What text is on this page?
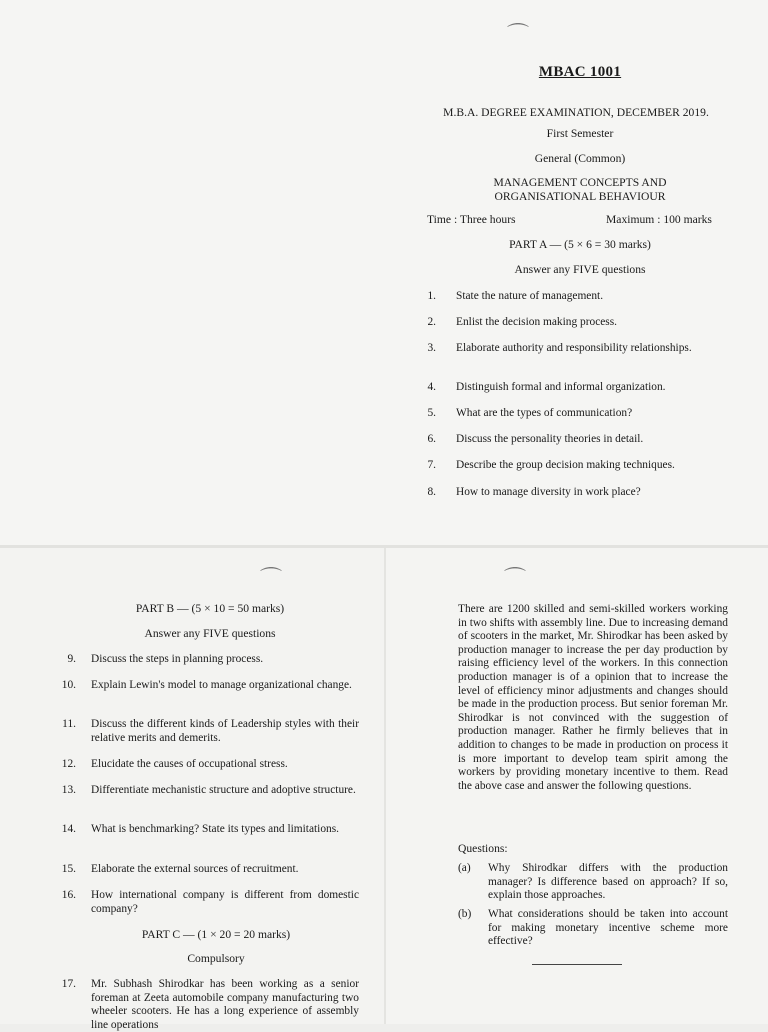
⌒
MBAC 1001
M.B.A. DEGREE EXAMINATION, DECEMBER 2019.
First Semester
General (Common)
MANAGEMENT CONCEPTS AND
ORGANISATIONAL BEHAVIOUR
Time : Three hours	Maximum : 100 marks
PART A — (5 × 6 = 30 marks)
Answer any FIVE questions
1. State the nature of management.
2. Enlist the decision making process.
3. Elaborate authority and responsibility relationships.
4. Distinguish formal and informal organization.
5. What are the types of communication?
6. Discuss the personality theories in detail.
7. Describe the group decision making techniques.
8. How to manage diversity in work place?
⌒
PART B — (5 × 10 = 50 marks)
Answer any FIVE questions
9. Discuss the steps in planning process.
10. Explain Lewin's model to manage organizational change.
11. Discuss the different kinds of Leadership styles with their relative merits and demerits.
12. Elucidate the causes of occupational stress.
13. Differentiate mechanistic structure and adoptive structure.
14. What is benchmarking? State its types and limitations.
15. Elaborate the external sources of recruitment.
16. How international company is different from domestic company?
PART C — (1 × 20 = 20 marks)
Compulsory
17. Mr. Subhash Shirodkar has been working as a senior foreman at Zeeta automobile company manufacturing two wheeler scooters. He has a long experience of assembly line operations
⌒
There are 1200 skilled and semi-skilled workers working in two shifts with assembly line. Due to increasing demand of scooters in the market, Mr. Shirodkar has been asked by production manager to increase the per day production by raising efficiency level of the workers. In this connection production manager is of a opinion that to increase the level of efficiency minor adjustments and changes should be made in the production process. But senior foreman Mr. Shirodkar is not convinced with the suggestion of production manager. Rather he firmly believes that in addition to changes to be made in production on process it is more important to develop team spirit among the workers by providing monetary incentive to them. Read the above case and answer the following questions.
Questions:
(a)	Why Shirodkar differs with the production manager? Is difference based on approach? If so, explain those approaches.
(b)	What considerations should be taken into account for making monetary incentive scheme more effective?
